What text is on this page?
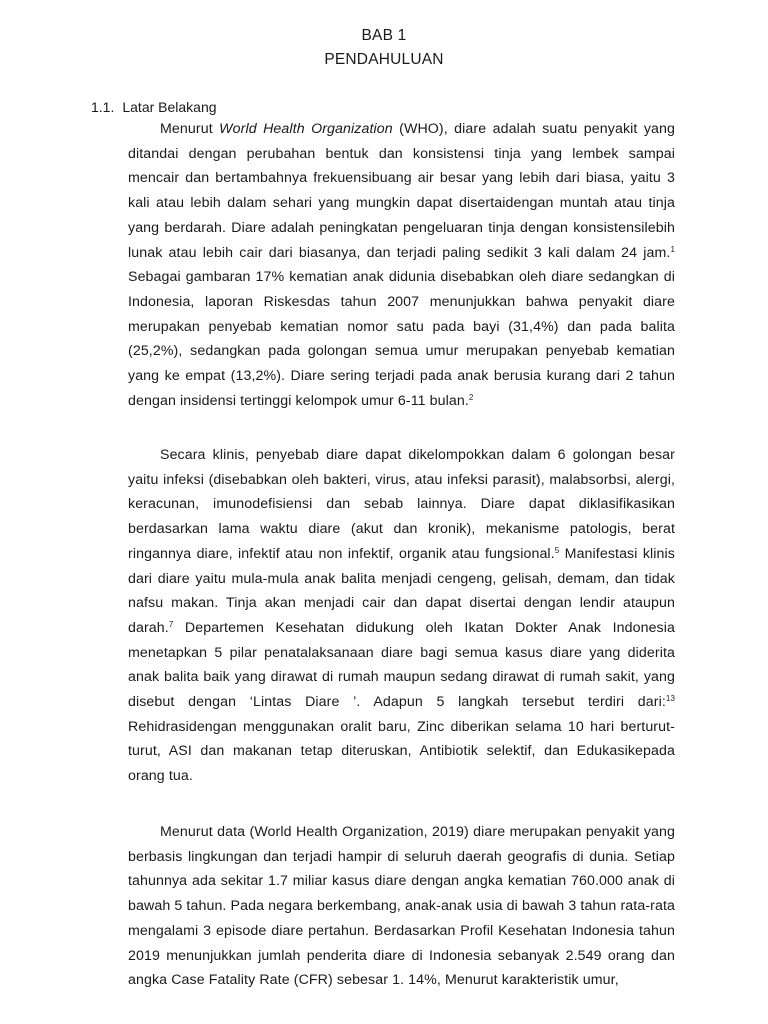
BAB 1
PENDAHULUAN
1.1. Latar Belakang

Menurut World Health Organization (WHO), diare adalah suatu penyakit yang ditandai dengan perubahan bentuk dan konsistensi tinja yang lembek sampai mencair dan bertambahnya frekuensibuang air besar yang lebih dari biasa, yaitu 3 kali atau lebih dalam sehari yang mungkin dapat disertaidengan muntah atau tinja yang berdarah. Diare adalah peningkatan pengeluaran tinja dengan konsistensilebih lunak atau lebih cair dari biasanya, dan terjadi paling sedikit 3 kali dalam 24 jam.$^1$ Sebagai gambaran 17% kematian anak didunia disebabkan oleh diare sedangkan di Indonesia, laporan Riskesdas tahun 2007 menunjukkan bahwa penyakit diare merupakan penyebab kematian nomor satu pada bayi (31,4%) dan pada balita (25,2%), sedangkan pada golongan semua umur merupakan penyebab kematian yang ke empat (13,2%). Diare sering terjadi pada anak berusia kurang dari 2 tahun dengan insidensi tertinggi kelompok umur 6-11 bulan.$^2$

Secara klinis, penyebab diare dapat dikelompokkan dalam 6 golongan besar yaitu infeksi (disebabkan oleh bakteri, virus, atau infeksi parasit), malabsorbsi, alergi, keracunan, imunodefisiensi dan sebab lainnya. Diare dapat diklasifikasikan berdasarkan lama waktu diare (akut dan kronik), mekanisme patologis, berat ringannya diare, infektif atau non infektif, organik atau fungsional.$^5$ Manifestasi klinis dari diare yaitu mula-mula anak balita menjadi cengeng, gelisah, demam, dan tidak nafsu makan. Tinja akan menjadi cair dan dapat disertai dengan lendir ataupun darah.$^7$ Departemen Kesehatan didukung oleh Ikatan Dokter Anak Indonesia menetapkan 5 pilar penatalaksanaan diare bagi semua kasus diare yang diderita anak balita baik yang dirawat di rumah maupun sedang dirawat di rumah sakit, yang disebut dengan ‘Lintas Diare ’. Adapun 5 langkah tersebut terdiri dari:$^{13}$ Rehidrasidengan menggunakan oralit baru, Zinc diberikan selama 10 hari berturut-turut, ASI dan makanan tetap diteruskan, Antibiotik selektif, dan Edukasikepada orang tua.

Menurut data (World Health Organization, 2019) diare merupakan penyakit yang berbasis lingkungan dan terjadi hampir di seluruh daerah geografis di dunia. Setiap tahunnya ada sekitar 1.7 miliar kasus diare dengan angka kematian 760.000 anak di bawah 5 tahun. Pada negara berkembang, anak-anak usia di bawah 3 tahun rata-rata mengalami 3 episode diare pertahun. Berdasarkan Profil Kesehatan Indonesia tahun 2019 menunjukkan jumlah penderita diare di Indonesia sebanyak 2.549 orang dan angka Case Fatality Rate (CFR) sebesar 1. 14%, Menurut karakteristik umur,
